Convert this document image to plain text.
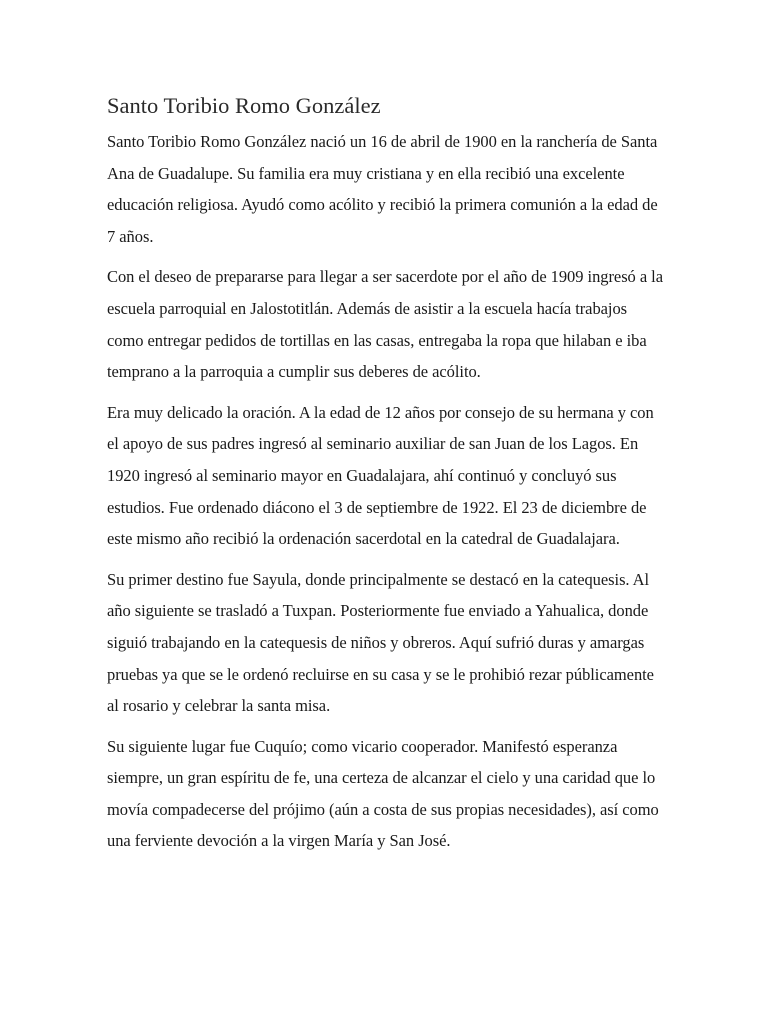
Santo Toribio Romo González

Santo Toribio Romo González nació un 16 de abril de 1900 en la ranchería de Santa Ana de Guadalupe. Su familia era muy cristiana y en ella recibió una excelente educación religiosa. Ayudó como acólito y recibió la primera comunión a la edad de 7 años.

Con el deseo de prepararse para llegar a ser sacerdote por el año de 1909 ingresó a la escuela parroquial en Jalostotitlán. Además de asistir a la escuela hacía trabajos como entregar pedidos de tortillas en las casas, entregaba la ropa que hilaban e iba temprano a la parroquia a cumplir sus deberes de acólito.

Era muy delicado la oración. A la edad de 12 años por consejo de su hermana y con el apoyo de sus padres ingresó al seminario auxiliar de san Juan de los Lagos. En 1920 ingresó al seminario mayor en Guadalajara, ahí continuó y concluyó sus estudios. Fue ordenado diácono el 3 de septiembre de 1922. El 23 de diciembre de este mismo año recibió la ordenación sacerdotal en la catedral de Guadalajara.

Su primer destino fue Sayula, donde principalmente se destacó en la catequesis. Al año siguiente se trasladó a Tuxpan. Posteriormente fue enviado a Yahualica, donde siguió trabajando en la catequesis de niños y obreros. Aquí sufrió duras y amargas pruebas ya que se le ordenó recluirse en su casa y se le prohibió rezar públicamente al rosario y celebrar la santa misa.

Su siguiente lugar fue Cuquío; como vicario cooperador. Manifestó esperanza siempre, un gran espíritu de fe, una certeza de alcanzar el cielo y una caridad que lo movía compadecerse del prójimo (aún a costa de sus propias necesidades), así como una ferviente devoción a la virgen María y San José.
